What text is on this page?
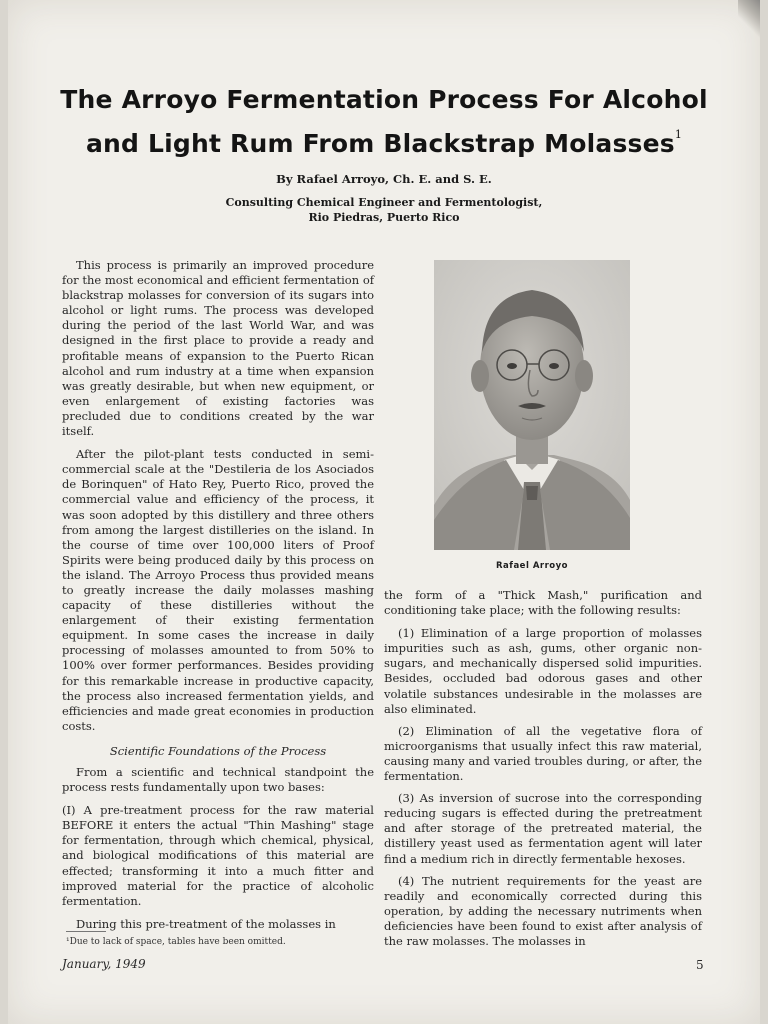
The Arroyo Fermentation Process For Alcohol
and Light Rum From Blackstrap Molasses$^1$
By Rafael Arroyo, Ch. E. and S. E.
Consulting Chemical Engineer and Fermentologist,
Rio Piedras, Puerto Rico

This process is primarily an improved procedure for the most economical and efficient fermentation of blackstrap molasses for conversion of its sugars into alcohol or light rums. The process was developed during the period of the last World War, and was designed in the first place to provide a ready and profitable means of expansion to the Puerto Rican alcohol and rum industry at a time when expansion was greatly desirable, but when new equipment, or even enlargement of existing factories was precluded due to conditions created by the war itself.

After the pilot-plant tests conducted in semi-commercial scale at the "Destileria de los Asociados de Borinquen" of Hato Rey, Puerto Rico, proved the commercial value and efficiency of the process, it was soon adopted by this distillery and three others from among the largest distilleries on the island. In the course of time over 100,000 liters of Proof Spirits were being produced daily by this process on the island. The Arroyo Process thus provided means to greatly increase the daily molasses mashing capacity of these distilleries without the enlargement of their existing fermentation equipment. In some cases the increase in daily processing of molasses amounted to from 50% to 100% over former performances. Besides providing for this remarkable increase in productive capacity, the process also increased fermentation yields, and efficiencies and made great economies in production costs.

Scientific Foundations of the Process

From a scientific and technical standpoint the process rests fundamentally upon two bases:

(I) A pre-treatment process for the raw material BEFORE it enters the actual "Thin Mashing" stage for fermentation, through which chemical, physical, and biological modifications of this material are effected; transforming it into a much fitter and improved material for the practice of alcoholic fermentation.

During this pre-treatment of the molasses in

Rafael Arroyo

the form of a "Thick Mash," purification and conditioning take place; with the following results:

(1) Elimination of a large proportion of molasses impurities such as ash, gums, other organic non-sugars, and mechanically dispersed solid impurities. Besides, occluded bad odorous gases and other volatile substances undesirable in the molasses are also eliminated.

(2) Elimination of all the vegetative flora of microorganisms that usually infect this raw material, causing many and varied troubles during, or after, the fermentation.

(3) As inversion of sucrose into the corresponding reducing sugars is effected during the pretreatment and after storage of the pretreated material, the distillery yeast used as fermentation agent will later find a medium rich in directly fermentable hexoses.

(4) The nutrient requirements for the yeast are readily and economically corrected during this operation, by adding the necessary nutriments when deficiencies have been found to exist after analysis of the raw molasses. The molasses in

¹Due to lack of space, tables have been omitted.
January, 1949	5
